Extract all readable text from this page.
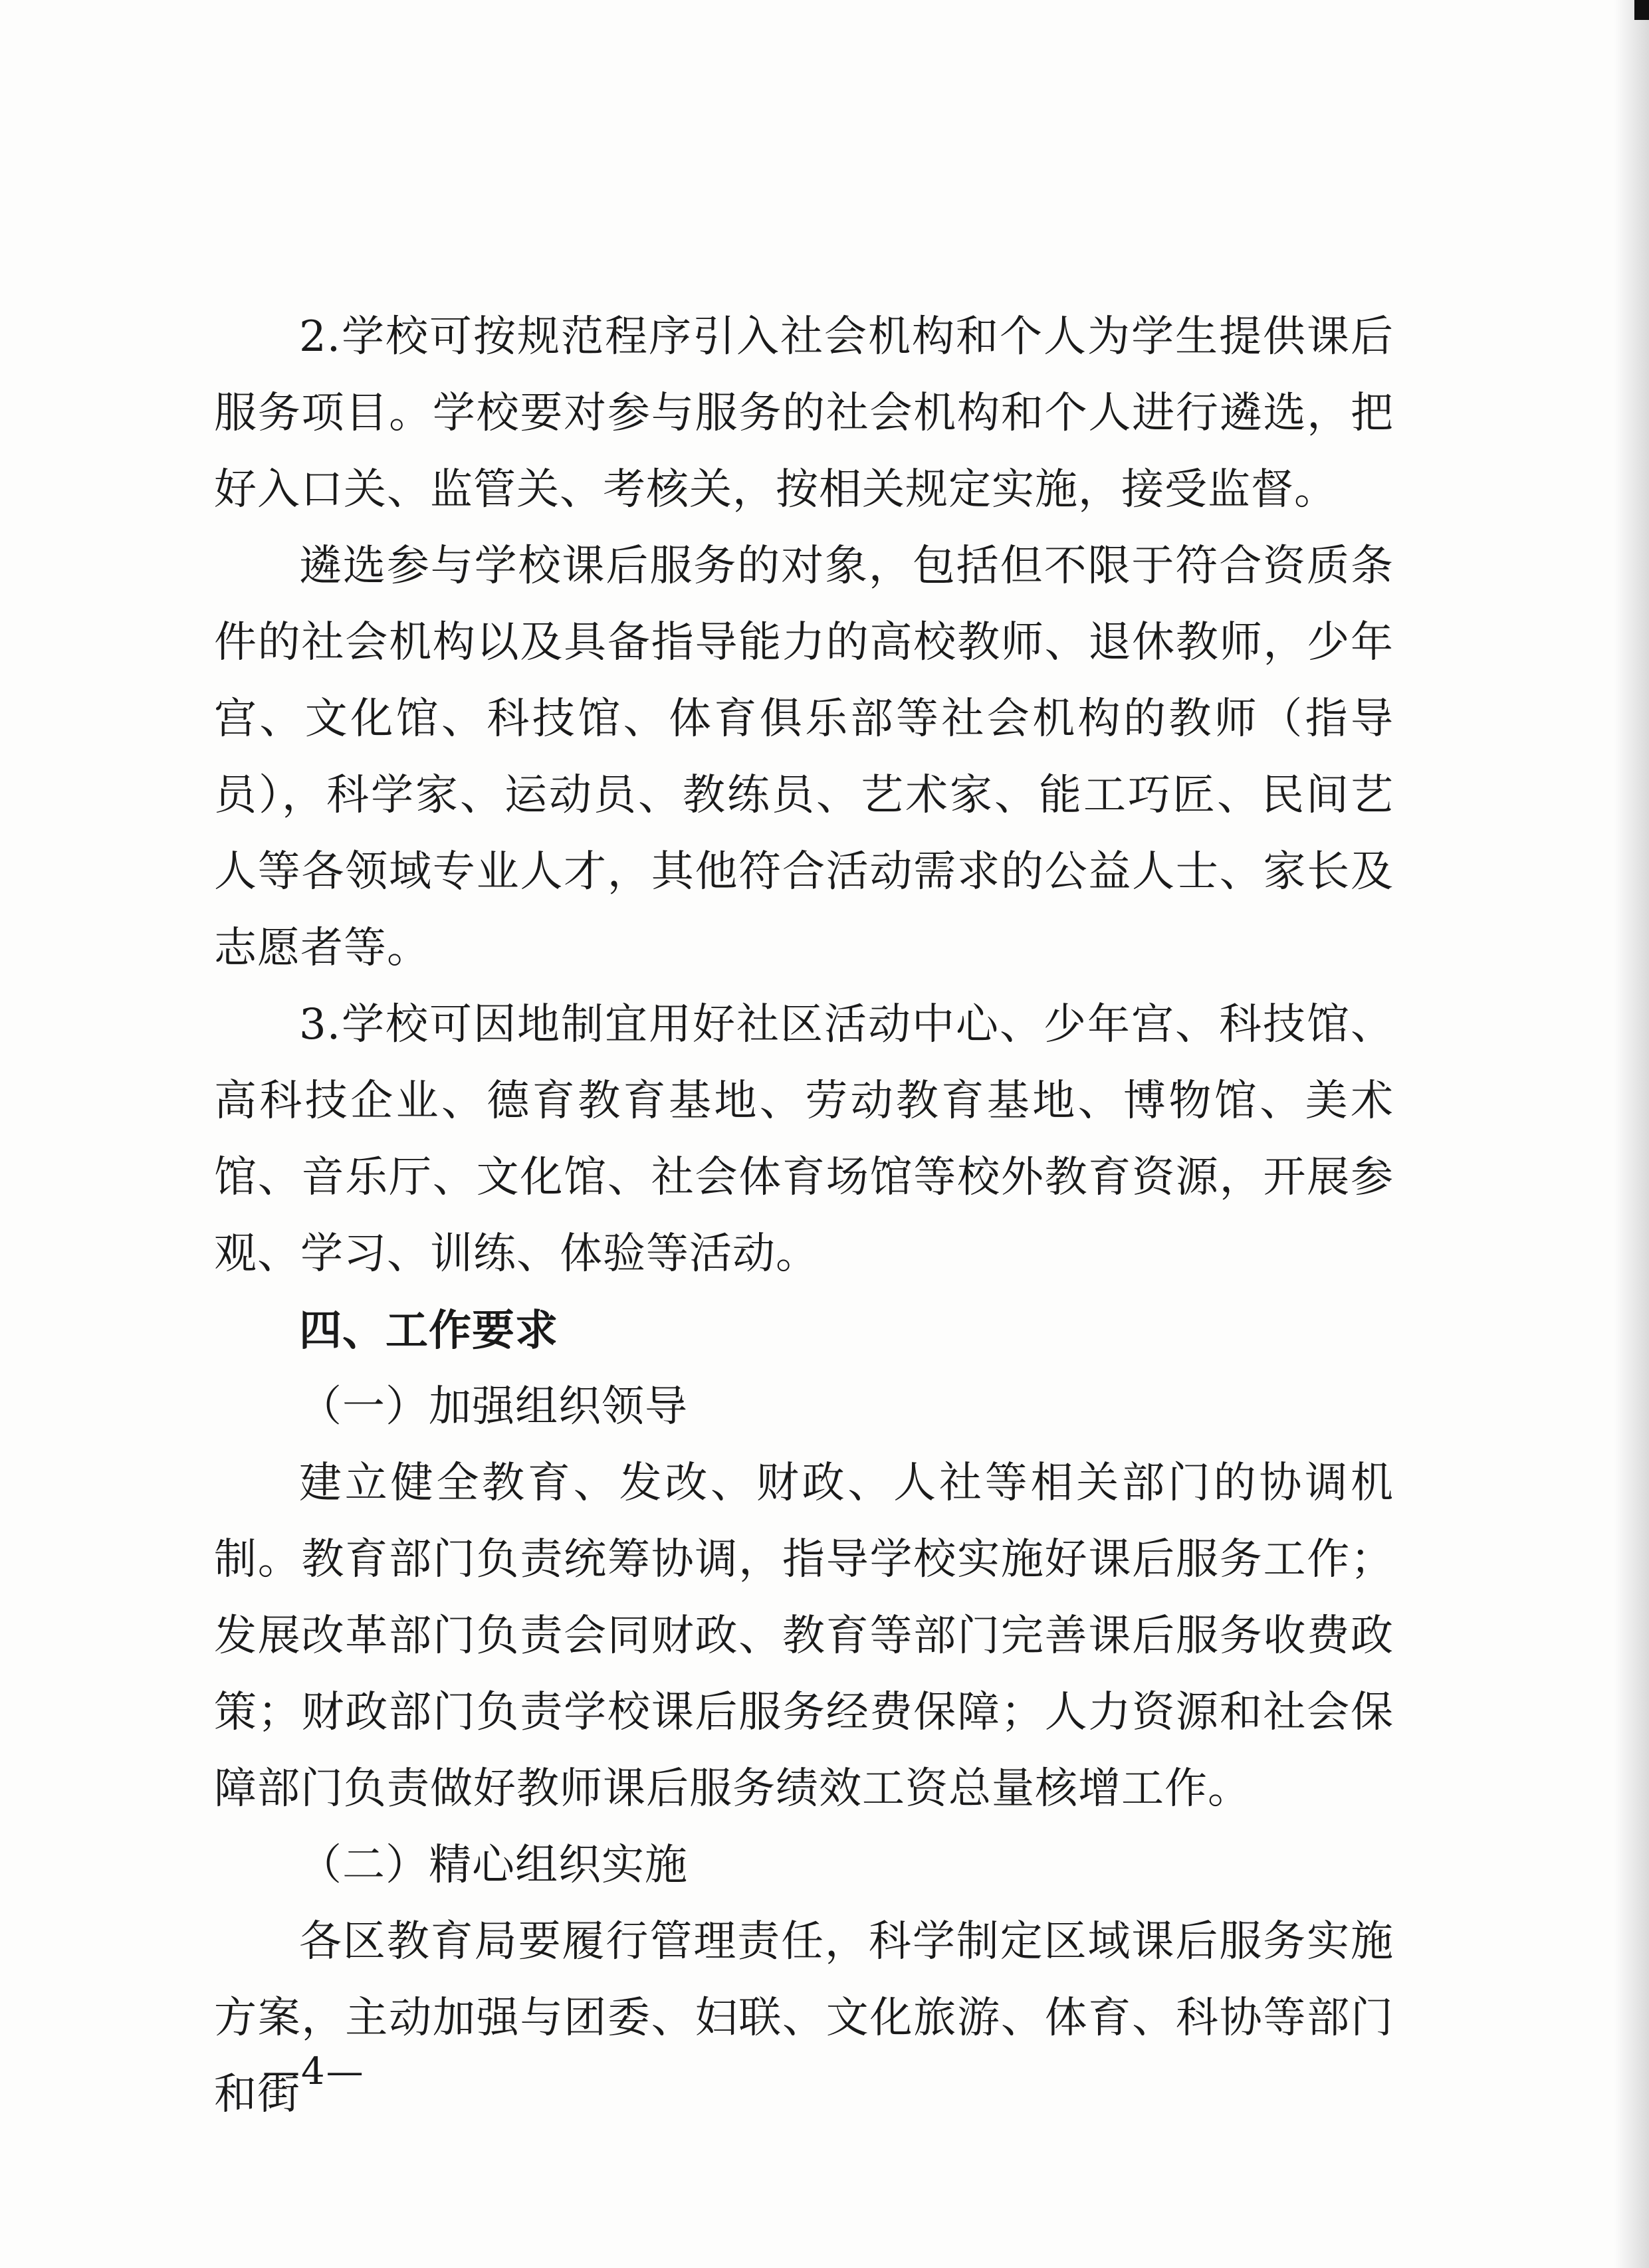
2.学校可按规范程序引入社会机构和个人为学生提供课后服务项目。学校要对参与服务的社会机构和个人进行遴选，把好入口关、监管关、考核关，按相关规定实施，接受监督。

遴选参与学校课后服务的对象，包括但不限于符合资质条件的社会机构以及具备指导能力的高校教师、退休教师，少年宫、文化馆、科技馆、体育俱乐部等社会机构的教师（指导员），科学家、运动员、教练员、艺术家、能工巧匠、民间艺人等各领域专业人才，其他符合活动需求的公益人士、家长及志愿者等。

3.学校可因地制宜用好社区活动中心、少年宫、科技馆、高科技企业、德育教育基地、劳动教育基地、博物馆、美术馆、音乐厅、文化馆、社会体育场馆等校外教育资源，开展参观、学习、训练、体验等活动。

四、工作要求

（一）加强组织领导

建立健全教育、发改、财政、人社等相关部门的协调机制。教育部门负责统筹协调，指导学校实施好课后服务工作；发展改革部门负责会同财政、教育等部门完善课后服务收费政策；财政部门负责学校课后服务经费保障；人力资源和社会保障部门负责做好教师课后服务绩效工资总量核增工作。

（二）精心组织实施

各区教育局要履行管理责任，科学制定区域课后服务实施方案，主动加强与团委、妇联、文化旅游、体育、科协等部门和街

—4—
